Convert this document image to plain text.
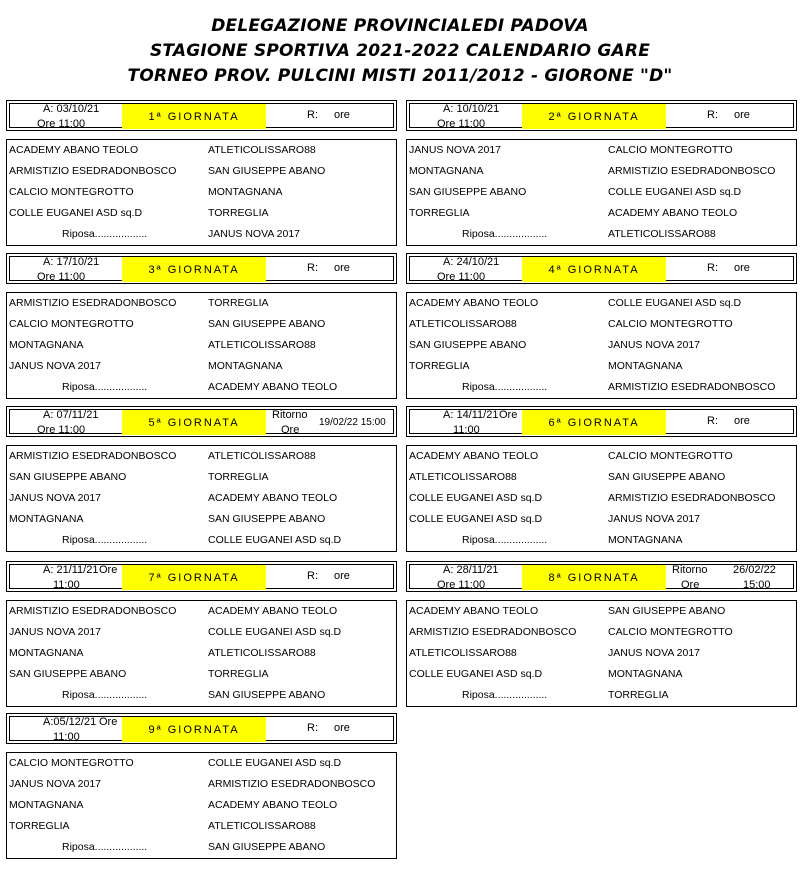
DELEGAZIONE PROVINCIALEDI PADOVA
STAGIONE SPORTIVA 2021-2022 CALENDARIO GARE
TORNEO PROV. PULCINI MISTI 2011/2012 - GIORONE "D"
A: 03/10/21
Ore 11:00
1ª GIORNATA	R: ore
ACADEMY ABANO TEOLO	ATLETICOLISSARO88
ARMISTIZIO ESEDRADONBOSCO	SAN GIUSEPPE ABANO
CALCIO MONTEGROTTO	MONTAGNANA
COLLE EUGANEI ASD sq.D	TORREGLIA
Riposa..................	JANUS NOVA 2017
A: 10/10/21
Ore 11:00
2ª GIORNATA	R: ore
JANUS NOVA 2017	CALCIO MONTEGROTTO
MONTAGNANA	ARMISTIZIO ESEDRADONBOSCO
SAN GIUSEPPE ABANO	COLLE EUGANEI ASD sq.D
TORREGLIA	ACADEMY ABANO TEOLO
Riposa..................	ATLETICOLISSARO88
A: 17/10/21
Ore 11:00
3ª GIORNATA	R: ore
ARMISTIZIO ESEDRADONBOSCO	TORREGLIA
CALCIO MONTEGROTTO	SAN GIUSEPPE ABANO
MONTAGNANA	ATLETICOLISSARO88
JANUS NOVA 2017	MONTAGNANA
Riposa..................	ACADEMY ABANO TEOLO
A: 24/10/21
Ore 11:00
4ª GIORNATA	R: ore
ACADEMY ABANO TEOLO	COLLE EUGANEI ASD sq.D
ATLETICOLISSARO88	CALCIO MONTEGROTTO
SAN GIUSEPPE ABANO	JANUS NOVA 2017
TORREGLIA	MONTAGNANA
Riposa..................	ARMISTIZIO ESEDRADONBOSCO
A: 07/11/21
Ore 11:00
5ª GIORNATA
Ritorno
Ore
19/02/22 15:00
ARMISTIZIO ESEDRADONBOSCO	ATLETICOLISSARO88
SAN GIUSEPPE ABANO	TORREGLIA
JANUS NOVA 2017	ACADEMY ABANO TEOLO
MONTAGNANA	SAN GIUSEPPE ABANO
Riposa..................	COLLE EUGANEI ASD sq.D
A: 14/11/21 Ore
11:00
6ª GIORNATA	R: ore
ACADEMY ABANO TEOLO	CALCIO MONTEGROTTO
ATLETICOLISSARO88	SAN GIUSEPPE ABANO
COLLE EUGANEI ASD sq.D	ARMISTIZIO ESEDRADONBOSCO
COLLE EUGANEI ASD sq.D	JANUS NOVA 2017
Riposa..................	MONTAGNANA
A: 21/11/21 Ore
11:00
7ª GIORNATA	R: ore
ARMISTIZIO ESEDRADONBOSCO	ACADEMY ABANO TEOLO
JANUS NOVA 2017	COLLE EUGANEI ASD sq.D
MONTAGNANA	ATLETICOLISSARO88
SAN GIUSEPPE ABANO	TORREGLIA
Riposa..................	SAN GIUSEPPE ABANO
A: 28/11/21
Ore 11:00
8ª GIORNATA
Ritorno
Ore
26/02/22
15:00
ACADEMY ABANO TEOLO	SAN GIUSEPPE ABANO
ARMISTIZIO ESEDRADONBOSCO	CALCIO MONTEGROTTO
ATLETICOLISSARO88	JANUS NOVA 2017
COLLE EUGANEI ASD sq.D	MONTAGNANA
Riposa..................	TORREGLIA
A:05/12/21 Ore
11:00
9ª GIORNATA	R: ore
CALCIO MONTEGROTTO	COLLE EUGANEI ASD sq.D
JANUS NOVA 2017	ARMISTIZIO ESEDRADONBOSCO
MONTAGNANA	ACADEMY ABANO TEOLO
TORREGLIA	ATLETICOLISSARO88
Riposa..................	SAN GIUSEPPE ABANO
